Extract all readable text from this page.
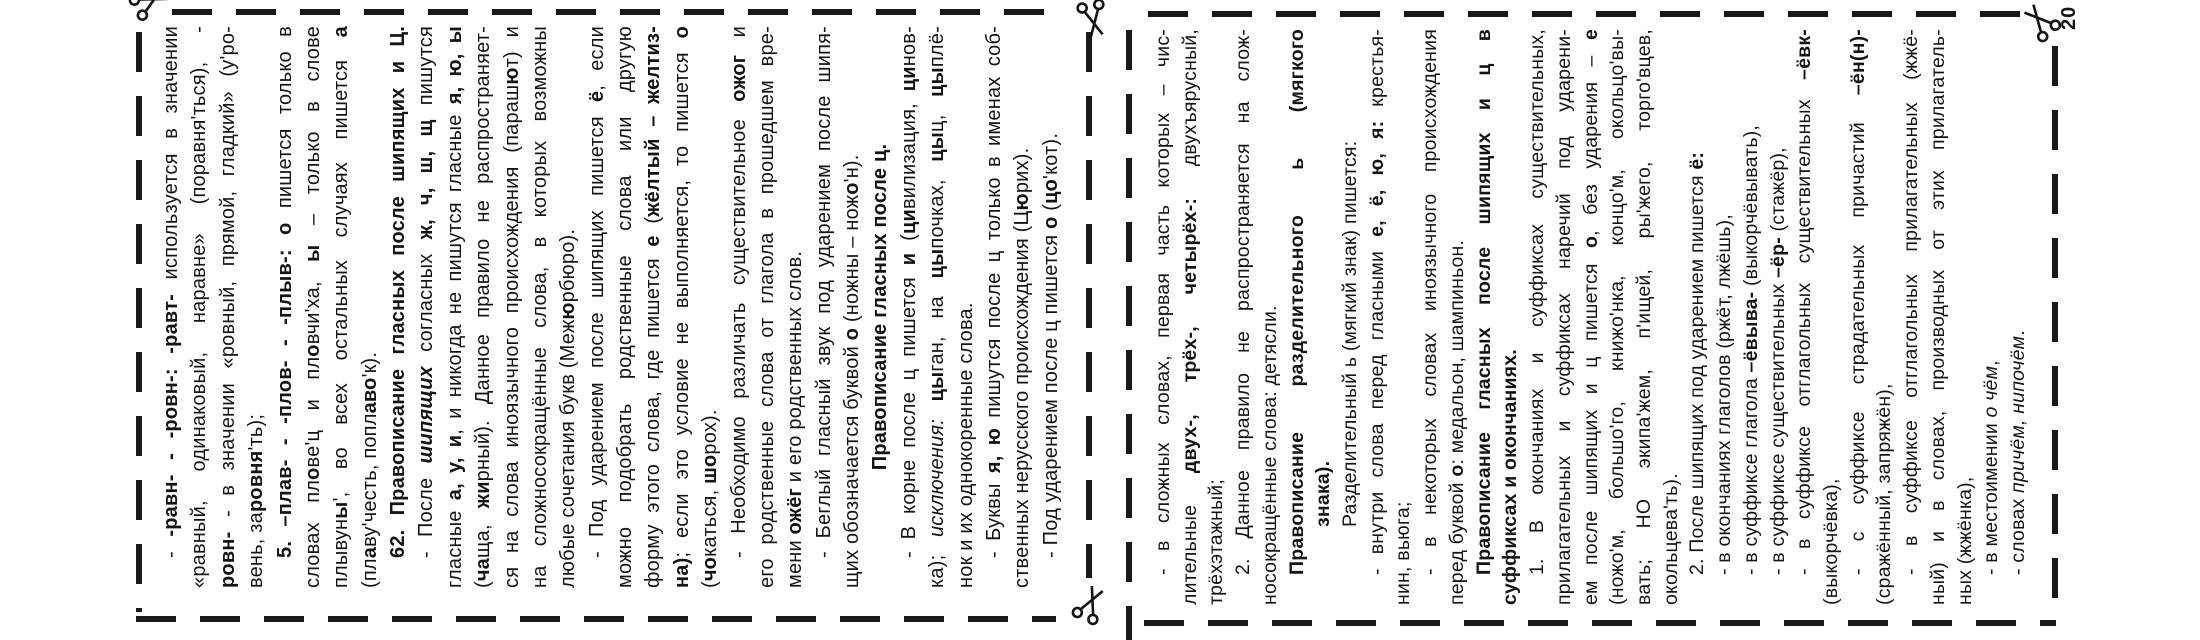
20
- -равн- - -ровн-: -равт- используется в значении «равный, одинаковый, наравне» (поравня'ться), - ровн- - в значении «ровный, прямой, гладкий» (у'ро-
вень, заровня'ть); 5. –плав- - -плов- - -плыв-: о пишется только в
словах плове'ц и пловчи'ха, ы – только в слове
плывуны', во всех остальных случаях пишется а
(плаву'честь, поплаво'к). 62. Правописание гласных после шипящих и Ц. - После шипящих согласных ж, ч, ш, щ пишутся
гласные а, у, и, и никогда не пишутся гласные я, ю, ы
(чаща, жирный). Данное правило не распространяет- ся на слова иноязычного происхождения (парашют) и на сложносокращённые слова, в которых возможны любые сочетания букв (Межюрбюро). - Под ударением после шипящих пишется ё, если можно подобрать родственные слова или другую форму этого слова, где пишется е (жёлтый – желтиз-
на); если это условие не выполняется, то пишется о
(чокаться, шорох). - Необходимо различать существительное ожог и его родственные слова от глагола в прошедшем вре- мени ожёг и его родственных слов. - Беглый гласный звук под ударением после шипя- щих обозначается буквой о (ножны – ножо'н). Правописание гласных после ц. - В корне после ц пишется и (цивилизация, цинов-
ка); исключения: цыган, на цыпочках, цыц, цыплё-
нок и их однокоренные слова. - Буквы я, ю пишутся после ц только в именах соб- ственных нерусского происхождения (Цюрих).
- Под ударением после ц пишется о (цо'кот).	- в сложных словах, первая часть которых – чис- лительные двух-, трёх-, четырёх-: двухъярусный,
трёхэтажный; 2. Данное правило не распространяется на слож- носокращённые слова: детясли. Правописание разделительного ь (мягкого знака). Разделительный ь (мягкий знак) пишется: - внутри слова перед гласными е, ё, ю, я: крестья-
нин, вьюга; - в некоторых словах иноязычного происхождения перед буквой о: медальон, шампиньон. Правописание гласных после шипящих и ц в суффиксах и окончаниях. 1. В окончаниях и суффиксах существительных, прилагательных и суффиксах наречий под ударени- ем после шипящих и ц пишется о, без ударения – е (ножо'м, большо'го, книжо'нка, концо'м, окольцо'вы- вать; НО экипа'жем, п'ищей, ры'жего, торго'вцев, окольцева'ть). 2. После шипящих под ударением пишется ё:
- в окончаниях глаголов (ржёт, лжёшь), - в суффиксе глагола –ёвыва- (выкорчёвывать),
- в суффиксе существительных –ёр- (стажёр), - в суффиксе отглагольных существительных –ёвк-
(выкорчёвка), - с суффиксе страдательных причастий –ён(н)-
(сражённый, запряжён), - в суффиксе отглагольных прилагательных (жжё- ный) и в словах, производных от этих прилагатель- ных (жжёнка), - в местоимении о чём,
- словах причём, нипочём.
